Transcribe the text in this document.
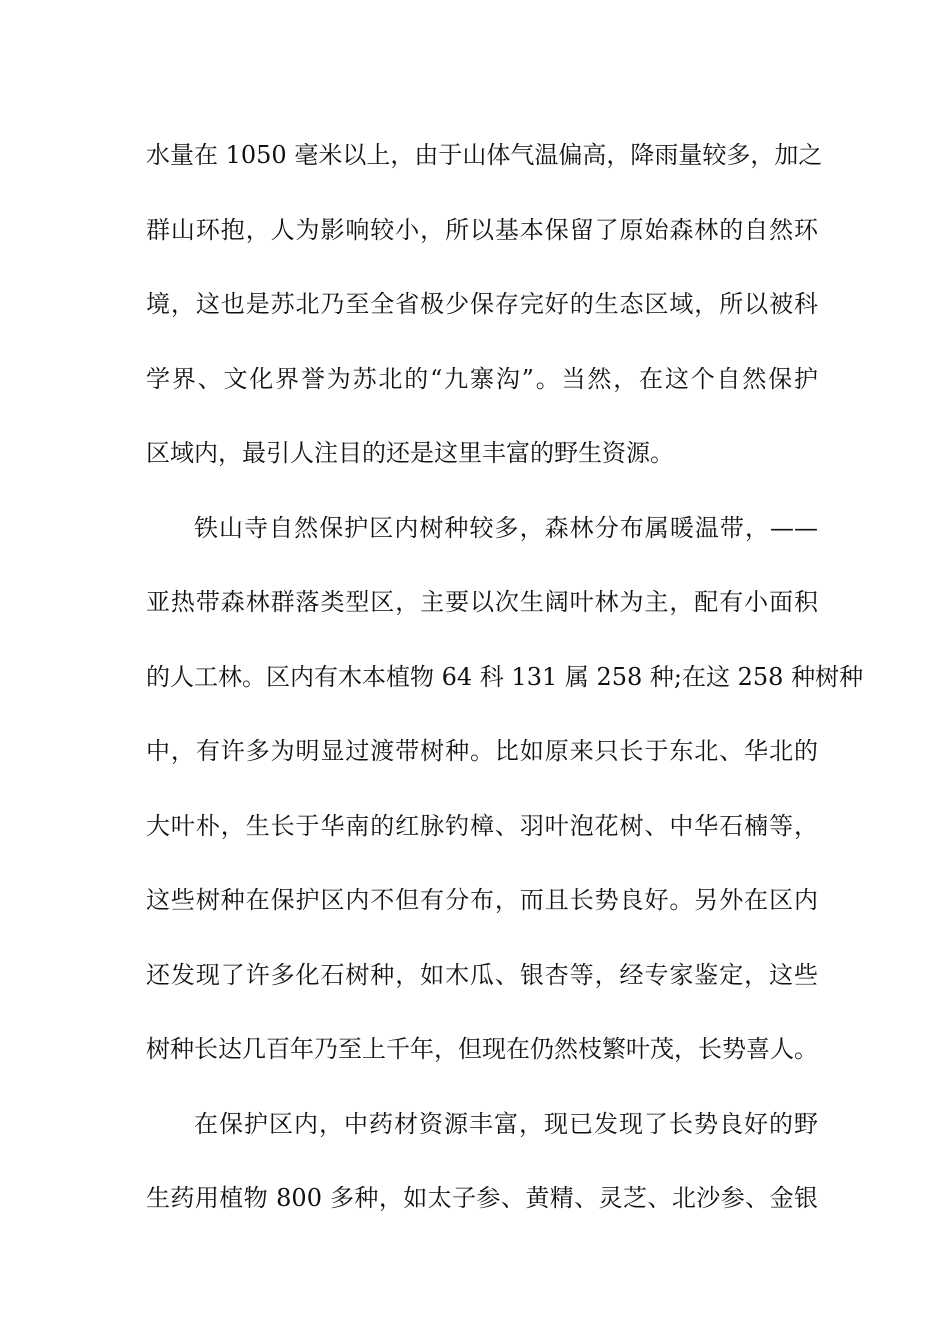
水量在 1050 毫米以上，由于山体气温偏高，降雨量较多，加之
群山环抱，人为影响较小，所以基本保留了原始森林的自然环
境，这也是苏北乃至全省极少保存完好的生态区域，所以被科
学界、文化界誉为苏北的“九寨沟”。当然，在这个自然保护
区域内，最引人注目的还是这里丰富的野生资源。
铁山寺自然保护区内树种较多，森林分布属暖温带，——
亚热带森林群落类型区，主要以次生阔叶林为主，配有小面积
的人工林。区内有木本植物 64 科 131 属 258 种;在这 258 种树种
中，有许多为明显过渡带树种。比如原来只长于东北、华北的
大叶朴，生长于华南的红脉钓樟、羽叶泡花树、中华石楠等，
这些树种在保护区内不但有分布，而且长势良好。另外在区内
还发现了许多化石树种，如木瓜、银杏等，经专家鉴定，这些
树种长达几百年乃至上千年，但现在仍然枝繁叶茂，长势喜人。
在保护区内，中药材资源丰富，现已发现了长势良好的野
生药用植物 800 多种，如太子参、黄精、灵芝、北沙参、金银
